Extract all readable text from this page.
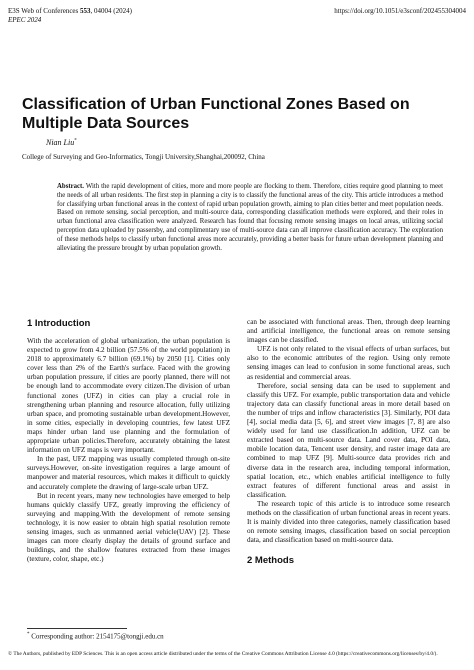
E3S Web of Conferences 553, 04004 (2024)
EPEC 2024
https://doi.org/10.1051/e3sconf/202455304004
Classification of Urban Functional Zones Based on Multiple Data Sources
Nian Liu*
College of Surveying and Geo-Informatics, Tongji University,Shanghai,200092, China
Abstract. With the rapid development of cities, more and more people are flocking to them. Therefore, cities require good planning to meet the needs of all urban residents. The first step in planning a city is to classify the functional areas of the city. This article introduces a method for classifying urban functional areas in the context of rapid urban population growth, aiming to plan cities better and meet population needs. Based on remote sensing, social perception, and multi-source data, corresponding classification methods were explored, and their roles in urban functional area classification were analyzed. Research has found that focusing remote sensing images on local areas, utilizing social perception data uploaded by passersby, and complimentary use of multi-source data can all improve classification accuracy. The exploration of these methods helps to classify urban functional areas more accurately, providing a better basis for future urban development planning and alleviating the pressure brought by urban population growth.
1 Introduction

With the acceleration of global urbanization, the urban population is expected to grow from 4.2 billion (57.5% of the world population) in 2018 to approximately 6.7 billion (69.1%) by 2050 [1]. Cities only cover less than 2% of the Earth's surface. Faced with the growing urban population pressure, if cities are poorly planned, there will not be enough land to accommodate every citizen.The division of urban functional zones (UFZ) in cities can play a crucial role in strengthening urban planning and resource allocation, fully utilizing urban space, and promoting sustainable urban development.However, in some cities, especially in developing countries, few latest UFZ maps hinder urban land use planning and the formulation of appropriate urban policies.Therefore, accurately obtaining the latest information on UFZ maps is very important.

In the past, UFZ mapping was usually completed through on-site surveys.However, on-site investigation requires a large amount of manpower and material resources, which makes it difficult to quickly and accurately complete the drawing of large-scale urban UFZ.

But in recent years, many new technologies have emerged to help humans quickly classify UFZ, greatly improving the efficiency of surveying and mapping.With the development of remote sensing technology, it is now easier to obtain high spatial resolution remote sensing images, such as unmanned aerial vehicle(UAV) [2]. These images can more clearly display the details of ground surface and buildings, and the shallow features extracted from these images (texture, color, shape, etc.)

can be associated with functional areas. Then, through deep learning and artificial intelligence, the functional areas on remote sensing images can be classified.

UFZ is not only related to the visual effects of urban surfaces, but also to the economic attributes of the region. Using only remote sensing images can lead to confusion in some functional areas, such as residential and commercial areas.

Therefore, social sensing data can be used to supplement and classify this UFZ. For example, public transportation data and vehicle trajectory data can classify functional areas in more detail based on the number of trips and inflow characteristics [3]. Similarly, POI data [4], social media data [5, 6], and street view images [7, 8] are also widely used for land use classification.In addition, UFZ can be extracted based on multi-source data. Land cover data, POI data, mobile location data, Tencent user density, and raster image data are combined to map UFZ [9]. Multi-source data provides rich and diverse data in the research area, including temporal information, spatial location, etc., which enables artificial intelligence to fully extract features of different functional areas and assist in classification.

The research topic of this article is to introduce some research methods on the classification of urban functional areas in recent years. It is mainly divided into three categories, namely classification based on remote sensing images, classification based on social perception data, and classification based on multi-source data.

2 Methods
* Corresponding author: 2154175@tongji.edu.cn
© The Authors, published by EDP Sciences. This is an open access article distributed under the terms of the Creative Commons Attribution License 4.0 (https://creativecommons.org/licenses/by/4.0/).
